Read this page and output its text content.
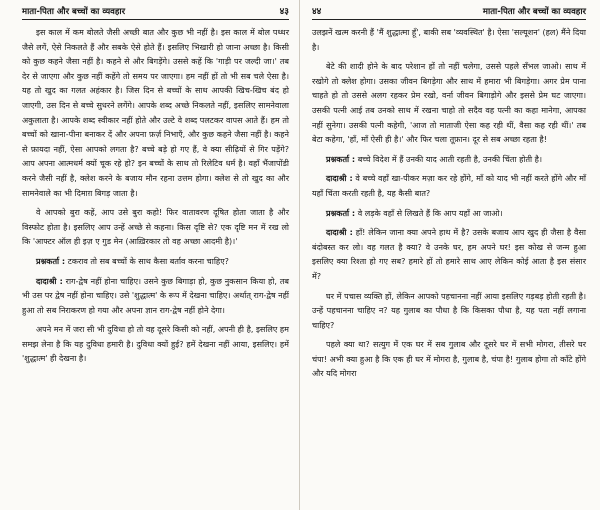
माता-पिता और बच्चों का व्यवहार	४३

इस काल में कम बोलते जैसी अच्छी बात और कुछ भी नहीं है। इस काल में बोल पथ्थर जैसे लगें, ऐसे निकलते हैं और सबके ऐसे होते हैं। इसलिए भिखारी हो जाना अच्छा है। किसी को कुछ कहने जैसा नहीं है। कहने से और बिगड़ेंगे। उससे कहें कि 'गाड़ी पर जल्दी जा।' तब देर से जाएगा और कुछ नहीं कहेंगे तो समय पर जाएगा। हम नहीं हों तो भी सब चले ऐसा है। यह तो खुद का गलत अहंकार है। जिस दिन से बच्चों के साथ आपकी खिच-खिच बंद हो जाएगी, उस दिन से बच्चे सुधरने लगेंगे। आपके शब्द अच्छे निकलते नहीं, इसलिए सामनेवाला अकुलाता है। आपके शब्द स्वीकार नहीं होते और उल्टे वे शब्द पलटकर वापस आते हैं। हम तो बच्चों को खाना-पीना बनाकर दें और अपना फ़र्ज़ निभाएँ, और कुछ कहने जैसा नहीं है। कहने से फ़ायदा नहीं, ऐसा आपको लगता है? बच्चे बड़े हो गए हैं, वे क्या सीढ़ियों से गिर पड़ेंगे? आप अपना आत्मधर्म क्यों चूक रहे हो? इन बच्चों के साथ तो रिलेटिव धर्म है। वहाँ भैंजापोंडी करने जैसी नहीं है, क्लेश करने के बजाय मौन रहना उत्तम होगा। क्लेश से तो खुद का और सामनेवाले का भी दिमाग़ बिगड़ जाता है।

वे आपको बुरा कहें, आप उसे बुरा कहो! फिर वातावरण दूषित होता जाता है और विस्फोट होता है। इसलिए आप उन्हें अच्छे से कहना। किस दृष्टि से? एक दृष्टि मन में रख लो कि 'आफ्टर ऑल ही इज़ ए गुड मेन (आख़िरकार तो वह अच्छा आदमी है)।'

प्रश्नकर्ता : टकराव तो सब बच्चों के साथ कैसा बर्ताव करना चाहिए?

दादाश्री : राग-द्वेष नहीं होना चाहिए। उसने कुछ बिगाड़ा हो, कुछ नुकसान किया हो, तब भी उस पर द्वेष नहीं होना चाहिए। उसे 'शुद्धात्म' के रूप में देखना चाहिए। अर्थात् राग-द्वेष नहीं हुआ तो सब निराकरण हो गया और अपना ज्ञान राग-द्वेष नहीं होने देगा।

अपने मन में जरा सी भी दुविधा हो तो वह दूसरे किसी को नहीं, अपनी ही है, इसलिए हम समझ लेना है कि यह दुविधा हमारी है। दुविधा क्यों हुई? हमें देखना नहीं आया, इसलिए। हमें 'शुद्धात्म' ही देखना है।

४४	माता-पिता और बच्चों का व्यवहार

उलझनें खत्म करनी हैं 'मैं शुद्धात्मा हूँ', बाकी सब 'व्यवस्थित' है। ऐसा 'सल्यूशन' (हल) मैंने दिया है।

बेटे की शादी होने के बाद परेशान हों तो नहीं चलेगा, उससे पहले सँभल जाओ। साथ में रखोगे तो क्लेश होगा। उसका जीवन बिगड़ेगा और साथ में हमारा भी बिगड़ेगा। अगर प्रेम पाना चाहते हो तो उससे अलग रहकर प्रेम रखो, वर्ना जीवन बिगाड़ोगे और इससे प्रेम घट जाएगा। उसकी पत्नी आई तब उनको साथ में रखना चाहो तो सदैव वह पत्नी का कहा मानेगा, आपका नहीं सुनेगा। उसकी पत्नी कहेगी, 'आज तो माताजी ऐसा कह रही थीं, वैसा कह रही थीं।' तब बेटा कहेगा, 'हाँ, माँ ऐसी ही है।' और फिर चला तूफ़ान। दूर से सब अच्छा रहता है!

प्रश्नकर्ता : बच्चे विदेश में हैं उनकी याद आती रहती है, उनकी चिंता होती है।

दादाश्री : वे बच्चे वहाँ खा-पीकर मज़ा कर रहे होंगे, माँ को याद भी नहीं करते होंगे और माँ यहाँ चिंता करती रहती है, यह कैसी बात?

प्रश्नकर्ता : वे लड़के वहाँ से लिखते हैं कि आप यहाँ आ जाओ।

दादाश्री : हाँ! लेकिन जाना क्या अपने हाथ में है? उसके बजाय आप खुद ही जैसा है वैसा बंदोबस्त कर लो। वह गलत है क्या? वे उनके घर, हम अपने घर! इस कोख से जन्म हुआ इसलिए क्या रिश्ता हो गए सब? हमारे हों तो हमारे साथ आए लेकिन कोई आता है इस संसार में?

घर में पचास व्यक्ति हों, लेकिन आपको पहचानना नहीं आया इसलिए गड़बड़ होती रहती है। उन्हें पहचानना चाहिए न? यह गुलाब का पौधा है कि किसका पौधा है, यह पता नहीं लगाना चाहिए?

पहले क्या था? सत्युग में एक घर में सब गुलाब और दूसरे घर में सभी मोगरा, तीसरे घर चंपा! अभी क्या हुआ है कि एक ही घर में मोगरा है, गुलाब है, चंपा है! गुलाब होगा तो काँटे होंगे और यदि मोगरा
